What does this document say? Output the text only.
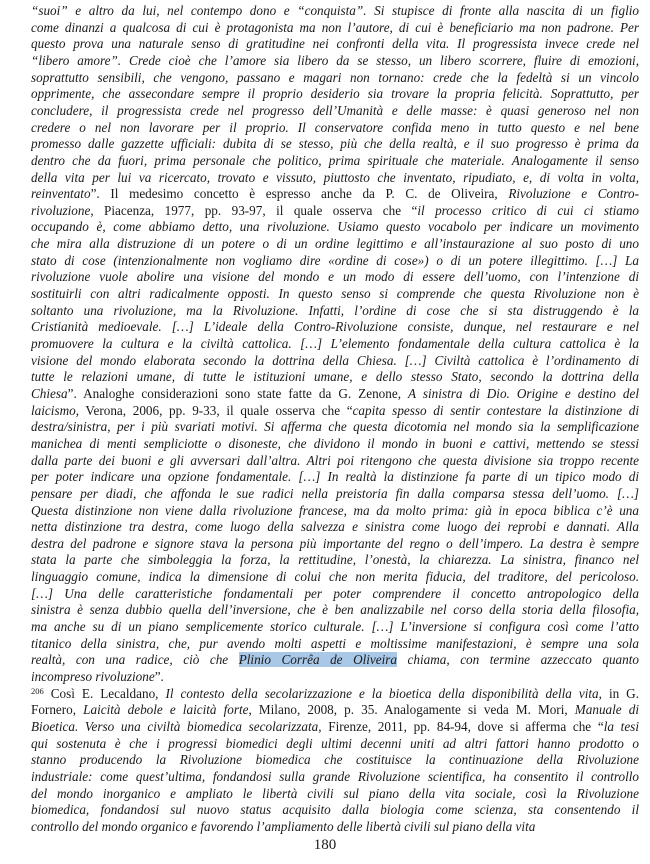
“suoi” e altro da lui, nel contempo dono e “conquista”. Si stupisce di fronte alla nascita di un figlio
come dinanzi a qualcosa di cui è protagonista ma non l’autore, di cui è beneficiario ma non padrone. Per
questo prova una naturale senso di gratitudine nei confronti della vita. Il progressista invece crede nel
“libero amore”. Crede cioè che l’amore sia libero da se stesso, un libero scorrere, fluire di emozioni,
soprattutto sensibili, che vengono, passano e magari non tornano: crede che la fedeltà si un vincolo
opprimente, che assecondare sempre il proprio desiderio sia trovare la propria felicità. Soprattutto, per
concludere, il progressista crede nel progresso dell’Umanità e delle masse: è quasi generoso nel non
credere o nel non lavorare per il proprio. Il conservatore confida meno in tutto questo e nel bene
promesso dalle gazzette ufficiali: dubita di se stesso, più che della realtà, e il suo progresso è prima da
dentro che da fuori, prima personale che politico, prima spirituale che materiale. Analogamente il senso
della vita per lui va ricercato, trovato e vissuto, piuttosto che inventato, ripudiato, e, di volta in volta,
reinventato”. Il medesimo concetto è espresso anche da P. C. de Oliveira, Rivoluzione e Contro-
rivoluzione, Piacenza, 1977, pp. 93-97, il quale osserva che “il processo critico di cui ci stiamo
occupando è, come abbiamo detto, una rivoluzione. Usiamo questo vocabolo per indicare un movimento
che mira alla distruzione di un potere o di un ordine legittimo e all’instaurazione al suo posto di uno
stato di cose (intenzionalmente non vogliamo dire «ordine di cose») o di un potere illegittimo. […] La
rivoluzione vuole abolire una visione del mondo e un modo di essere dell’uomo, con l’intenzione di
sostituirli con altri radicalmente opposti. In questo senso si comprende che questa Rivoluzione non è
soltanto una rivoluzione, ma la Rivoluzione. Infatti, l’ordine di cose che si sta distruggendo è la
Cristianità medioevale. […] L’ideale della Contro-Rivoluzione consiste, dunque, nel restaurare e nel
promuovere la cultura e la civiltà cattolica. […] L’elemento fondamentale della cultura cattolica è la
visione del mondo elaborata secondo la dottrina della Chiesa. […] Civiltà cattolica è l’ordinamento di
tutte le relazioni umane, di tutte le istituzioni umane, e dello stesso Stato, secondo la dottrina della
Chiesa”. Analoghe considerazioni sono state fatte da G. Zenone, A sinistra di Dio. Origine e destino del
laicismo, Verona, 2006, pp. 9-33, il quale osserva che “capita spesso di sentir contestare la distinzione di
destra/sinistra, per i più svariati motivi. Si afferma che questa dicotomia nel mondo sia la semplificazione
manichea di menti sempliciotte o disoneste, che dividono il mondo in buoni e cattivi, mettendo se stessi
dalla parte dei buoni e gli avversari dall’altra. Altri poi ritengono che questa divisione sia troppo recente
per poter indicare una opzione fondamentale. […] In realtà la distinzione fa parte di un tipico modo di
pensare per diadi, che affonda le sue radici nella preistoria fin dalla comparsa stessa dell’uomo. […]
Questa distinzione non viene dalla rivoluzione francese, ma da molto prima: già in epoca biblica c’è una
netta distinzione tra destra, come luogo della salvezza e sinistra come luogo dei reprobi e dannati. Alla
destra del padrone e signore stava la persona più importante del regno o dell’impero. La destra è sempre
stata la parte che simboleggia la forza, la rettitudine, l’onestà, la chiarezza. La sinistra, financo nel
linguaggio comune, indica la dimensione di colui che non merita fiducia, del traditore, del pericoloso.
[…] Una delle caratteristiche fondamentali per poter comprendere il concetto antropologico della
sinistra è senza dubbio quella dell’inversione, che è ben analizzabile nel corso della storia della filosofia,
ma anche su di un piano semplicemente storico culturale. […] L’inversione si configura così come l’atto
titanico della sinistra, che, pur avendo molti aspetti e moltissime manifestazioni, è sempre una sola
realtà, con una radice, ciò che Plinio Corrêa de Oliveira chiama, con termine azzeccato quanto
incompreso rivoluzione”.
$^{206}$ Così E. Lecaldano, Il contesto della secolarizzazione e la bioetica della disponibilità della vita, in G.
Fornero, Laicità debole e laicità forte, Milano, 2008, p. 35. Analogamente si veda M. Mori, Manuale di
Bioetica. Verso una civiltà biomedica secolarizzata, Firenze, 2011, pp. 84-94, dove si afferma che “la tesi
qui sostenuta è che i progressi biomedici degli ultimi decenni uniti ad altri fattori hanno prodotto o
stanno producendo la Rivoluzione biomedica che costituisce la continuazione della Rivoluzione
industriale: come quest’ultima, fondandosi sulla grande Rivoluzione scientifica, ha consentito il controllo
del mondo inorganico e ampliato le libertà civili sul piano della vita sociale, così la Rivoluzione
biomedica, fondandosi sul nuovo status acquisito dalla biologia come scienza, sta consentendo il
controllo del mondo organico e favorendo l’ampliamento delle libertà civili sul piano della vita
180
